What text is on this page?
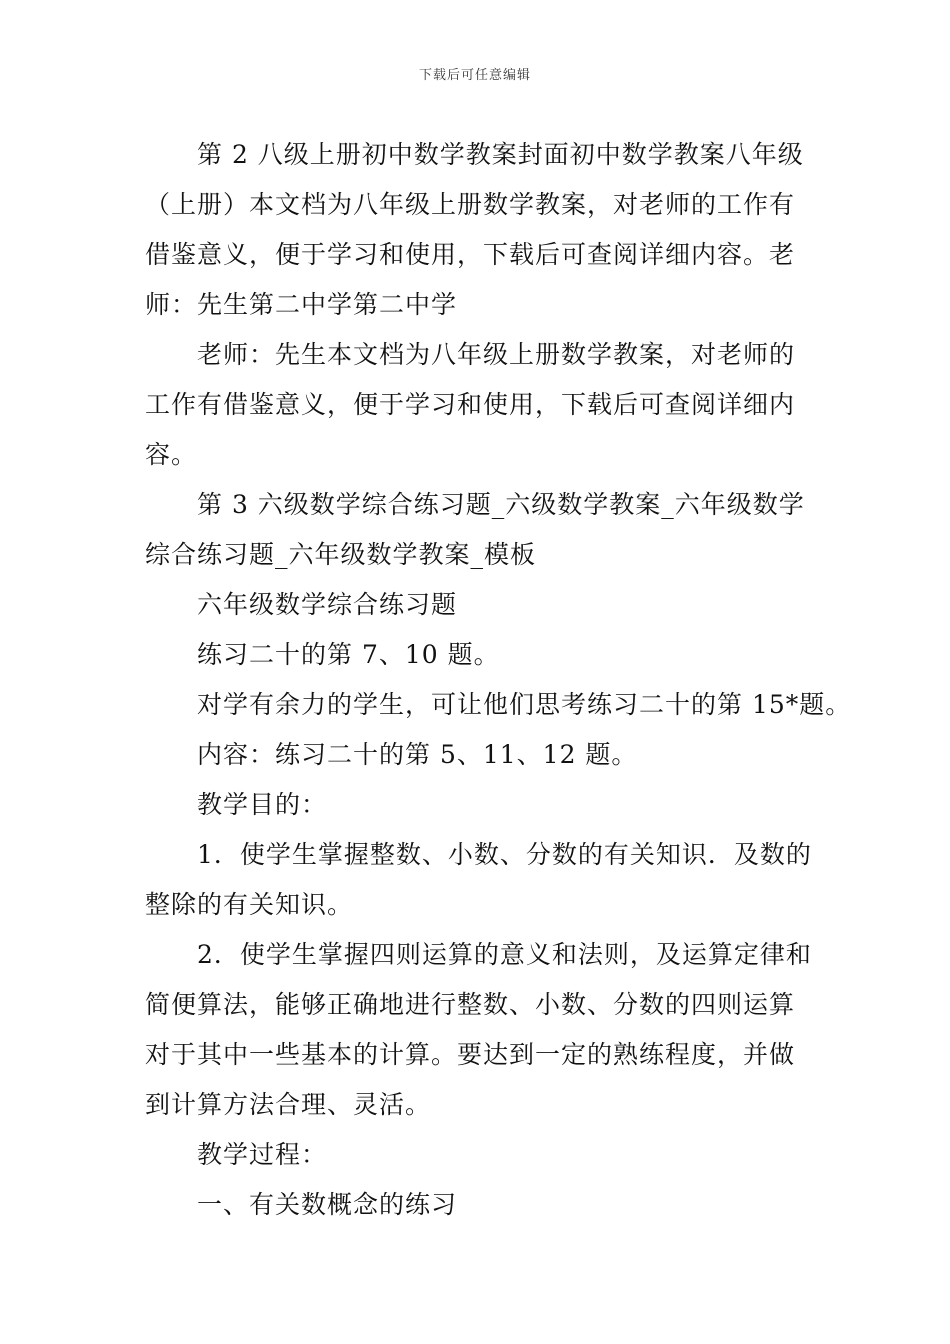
下载后可任意编辑

第 2 八级上册初中数学教案封面初中数学教案八年级（上册）本文档为八年级上册数学教案，对老师的工作有借鉴意义，便于学习和使用，下载后可查阅详细内容。老师：先生第二中学第二中学

老师：先生本文档为八年级上册数学教案，对老师的工作有借鉴意义，便于学习和使用，下载后可查阅详细内容。

第 3 六级数学综合练习题_六级数学教案_六年级数学综合练习题_六年级数学教案_模板

六年级数学综合练习题

练习二十的第 7、10 题。

对学有余力的学生，可让他们思考练习二十的第 15*题。

内容：练习二十的第 5、11、12 题。

教学目的：

1．使学生掌握整数、小数、分数的有关知识．及数的整除的有关知识。

2．使学生掌握四则运算的意义和法则，及运算定律和简便算法，能够正确地进行整数、小数、分数的四则运算对于其中一些基本的计算。要达到一定的熟练程度，并做到计算方法合理、灵活。

教学过程：

一、有关数概念的练习
